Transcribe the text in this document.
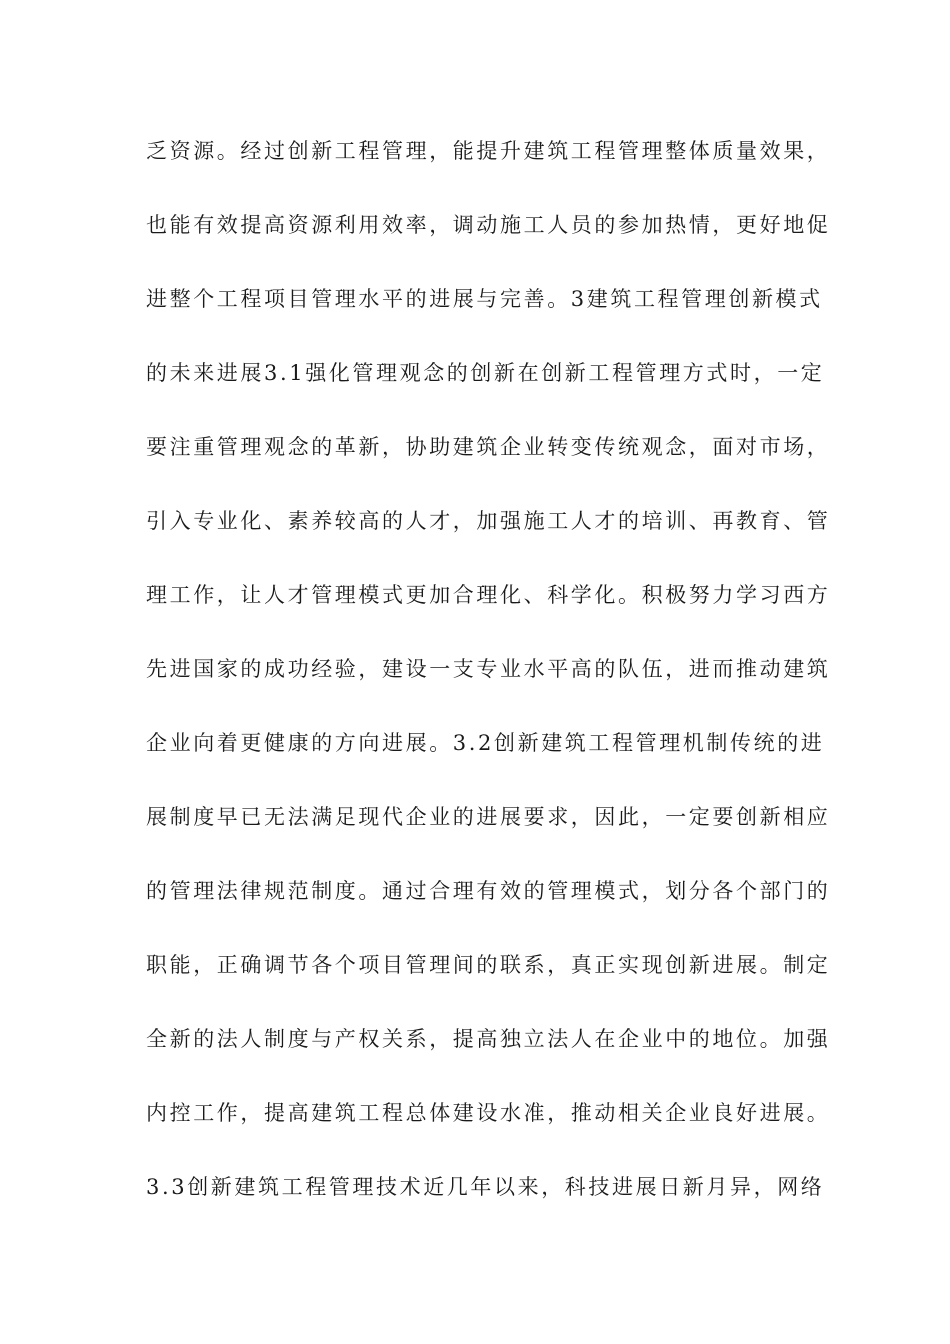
乏资源。经过创新工程管理，能提升建筑工程管理整体质量效果，
也能有效提高资源利用效率，调动施工人员的参加热情，更好地促
进整个工程项目管理水平的进展与完善。3建筑工程管理创新模式
的未来进展3.1强化管理观念的创新在创新工程管理方式时，一定
要注重管理观念的革新，协助建筑企业转变传统观念，面对市场，
引入专业化、素养较高的人才，加强施工人才的培训、再教育、管
理工作，让人才管理模式更加合理化、科学化。积极努力学习西方
先进国家的成功经验，建设一支专业水平高的队伍，进而推动建筑
企业向着更健康的方向进展。3.2创新建筑工程管理机制传统的进
展制度早已无法满足现代企业的进展要求，因此，一定要创新相应
的管理法律规范制度。通过合理有效的管理模式，划分各个部门的
职能，正确调节各个项目管理间的联系，真正实现创新进展。制定
全新的法人制度与产权关系，提高独立法人在企业中的地位。加强
内控工作，提高建筑工程总体建设水准，推动相关企业良好进展。
3.3创新建筑工程管理技术近几年以来，科技进展日新月异，网络
